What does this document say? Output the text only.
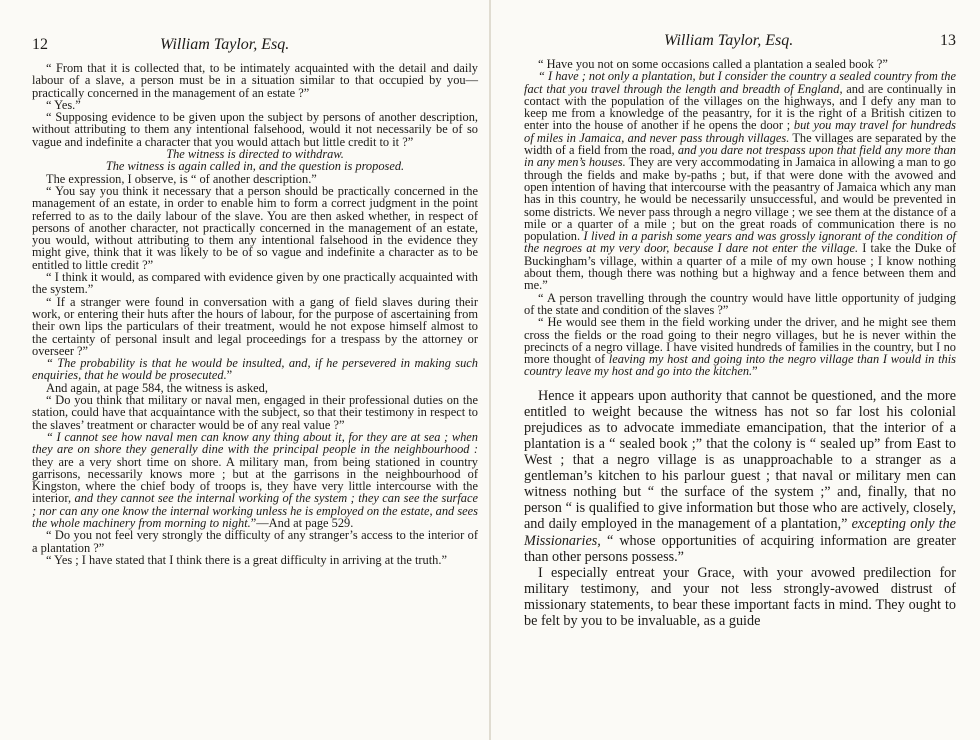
12	William Taylor, Esq.

“ From that it is collected that, to be intimately acquainted with the detail and daily labour of a slave, a person must be in a situation similar to that occupied by you—practically concerned in the management of an estate ?”

“ Yes.”

“ Supposing evidence to be given upon the subject by persons of another description, without attributing to them any intentional falsehood, would it not necessarily be of so vague and indefinite a character that you would attach but little credit to it ?”

The witness is directed to withdraw.

The witness is again called in, and the question is proposed.

The expression, I observe, is “ of another description.”

“ You say you think it necessary that a person should be practically concerned in the management of an estate, in order to enable him to form a correct judgment in the point referred to as to the daily labour of the slave. You are then asked whether, in respect of persons of another character, not practically concerned in the management of an estate, you would, without attributing to them any intentional falsehood in the evidence they might give, think that it was likely to be of so vague and indefinite a character as to be entitled to little credit ?”

“ I think it would, as compared with evidence given by one practically acquainted with the system.”

“ If a stranger were found in conversation with a gang of field slaves during their work, or entering their huts after the hours of labour, for the purpose of ascertaining from their own lips the particulars of their treatment, would he not expose himself almost to the certainty of personal insult and legal proceedings for a trespass by the attorney or overseer ?”

“ The probability is that he would be insulted, and, if he persevered in making such enquiries, that he would be prosecuted.”

And again, at page 584, the witness is asked,

“ Do you think that military or naval men, engaged in their professional duties on the station, could have that acquaintance with the subject, so that their testimony in respect to the slaves’ treatment or character would be of any real value ?”

“ I cannot see how naval men can know any thing about it, for they are at sea ; when they are on shore they generally dine with the principal people in the neighbourhood : they are a very short time on shore. A military man, from being stationed in country garrisons, necessarily knows more ; but at the garrisons in the neighbourhood of Kingston, where the chief body of troops is, they have very little intercourse with the interior, and they cannot see the internal working of the system ; they can see the surface ; nor can any one know the internal working unless he is employed on the estate, and sees the whole machinery from morning to night.”—And at page 529.

“ Do you not feel very strongly the difficulty of any stranger’s access to the interior of a plantation ?”

“ Yes ; I have stated that I think there is a great difficulty in arriving at the truth.”

William Taylor, Esq.	13

“ Have you not on some occasions called a plantation a sealed book ?”

“ I have ; not only a plantation, but I consider the country a sealed country from the fact that you travel through the length and breadth of England, and are continually in contact with the population of the villages on the highways, and I defy any man to keep me from a knowledge of the peasantry, for it is the right of a British citizen to enter into the house of another if he opens the door ; but you may travel for hundreds of miles in Jamaica, and never pass through villages. The villages are separated by the width of a field from the road, and you dare not trespass upon that field any more than in any men’s houses. They are very accommodating in Jamaica in allowing a man to go through the fields and make by-paths ; but, if that were done with the avowed and open intention of having that intercourse with the peasantry of Jamaica which any man has in this country, he would be necessarily unsuccessful, and would be prevented in some districts. We never pass through a negro village ; we see them at the distance of a mile or a quarter of a mile ; but on the great roads of communication there is no population. I lived in a parish some years and was grossly ignorant of the condition of the negroes at my very door, because I dare not enter the village. I take the Duke of Buckingham’s village, within a quarter of a mile of my own house ; I know nothing about them, though there was nothing but a highway and a fence between them and me.”

“ A person travelling through the country would have little opportunity of judging of the state and condition of the slaves ?”

“ He would see them in the field working under the driver, and he might see them cross the fields or the road going to their negro villages, but he is never within the precincts of a negro village. I have visited hundreds of families in the country, but I no more thought of leaving my host and going into the negro village than I would in this country leave my host and go into the kitchen.”

Hence it appears upon authority that cannot be questioned, and the more entitled to weight because the witness has not so far lost his colonial prejudices as to advocate immediate emancipation, that the interior of a plantation is a “ sealed book ;” that the colony is “ sealed up” from East to West ; that a negro village is as unapproachable to a stranger as a gentleman’s kitchen to his parlour guest ; that naval or military men can witness nothing but “ the surface of the system ;” and, finally, that no person “ is qualified to give information but those who are actively, closely, and daily employed in the management of a plantation,” excepting only the Missionaries, “ whose opportunities of acquiring information are greater than other persons possess.”

I especially entreat your Grace, with your avowed predilection for military testimony, and your not less strongly-avowed distrust of missionary statements, to bear these important facts in mind. They ought to be felt by you to be invaluable, as a guide
